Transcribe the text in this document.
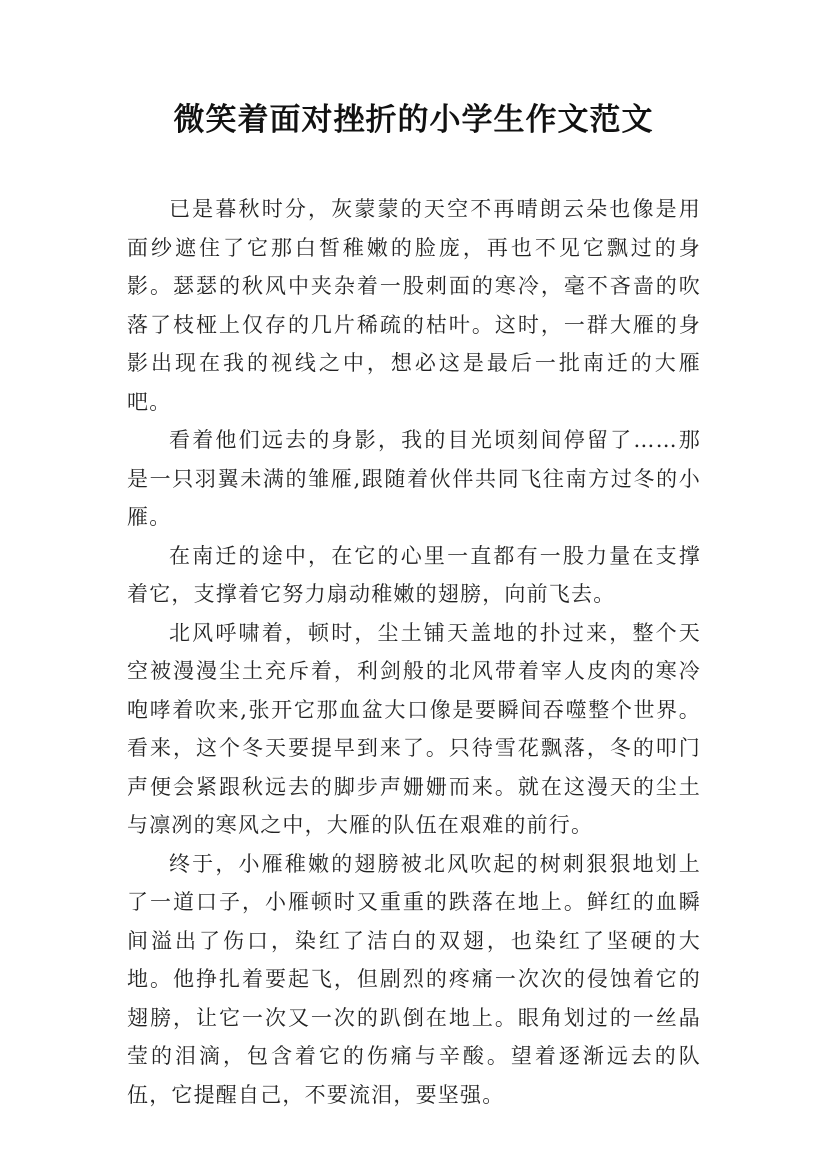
微笑着面对挫折的小学生作文范文

已是暮秋时分，灰蒙蒙的天空不再晴朗云朵也像是用面纱遮住了它那白皙稚嫩的脸庞，再也不见它飘过的身影。瑟瑟的秋风中夹杂着一股刺面的寒冷，毫不吝啬的吹落了枝桠上仅存的几片稀疏的枯叶。这时，一群大雁的身影出现在我的视线之中，想必这是最后一批南迁的大雁吧。

看着他们远去的身影，我的目光顷刻间停留了……那是一只羽翼未满的雏雁,跟随着伙伴共同飞往南方过冬的小雁。

在南迁的途中，在它的心里一直都有一股力量在支撑着它，支撑着它努力扇动稚嫩的翅膀，向前飞去。

北风呼啸着，顿时，尘土铺天盖地的扑过来，整个天空被漫漫尘土充斥着，利剑般的北风带着宰人皮肉的寒冷咆哮着吹来,张开它那血盆大口像是要瞬间吞噬整个世界。看来，这个冬天要提早到来了。只待雪花飘落，冬的叩门声便会紧跟秋远去的脚步声姗姗而来。就在这漫天的尘土与凛冽的寒风之中，大雁的队伍在艰难的前行。

终于，小雁稚嫩的翅膀被北风吹起的树刺狠狠地划上了一道口子，小雁顿时又重重的跌落在地上。鲜红的血瞬间溢出了伤口，染红了洁白的双翅，也染红了坚硬的大地。他挣扎着要起飞，但剧烈的疼痛一次次的侵蚀着它的翅膀，让它一次又一次的趴倒在地上。眼角划过的一丝晶莹的泪滴，包含着它的伤痛与辛酸。望着逐渐远去的队伍，它提醒自己，不要流泪，要坚强。
